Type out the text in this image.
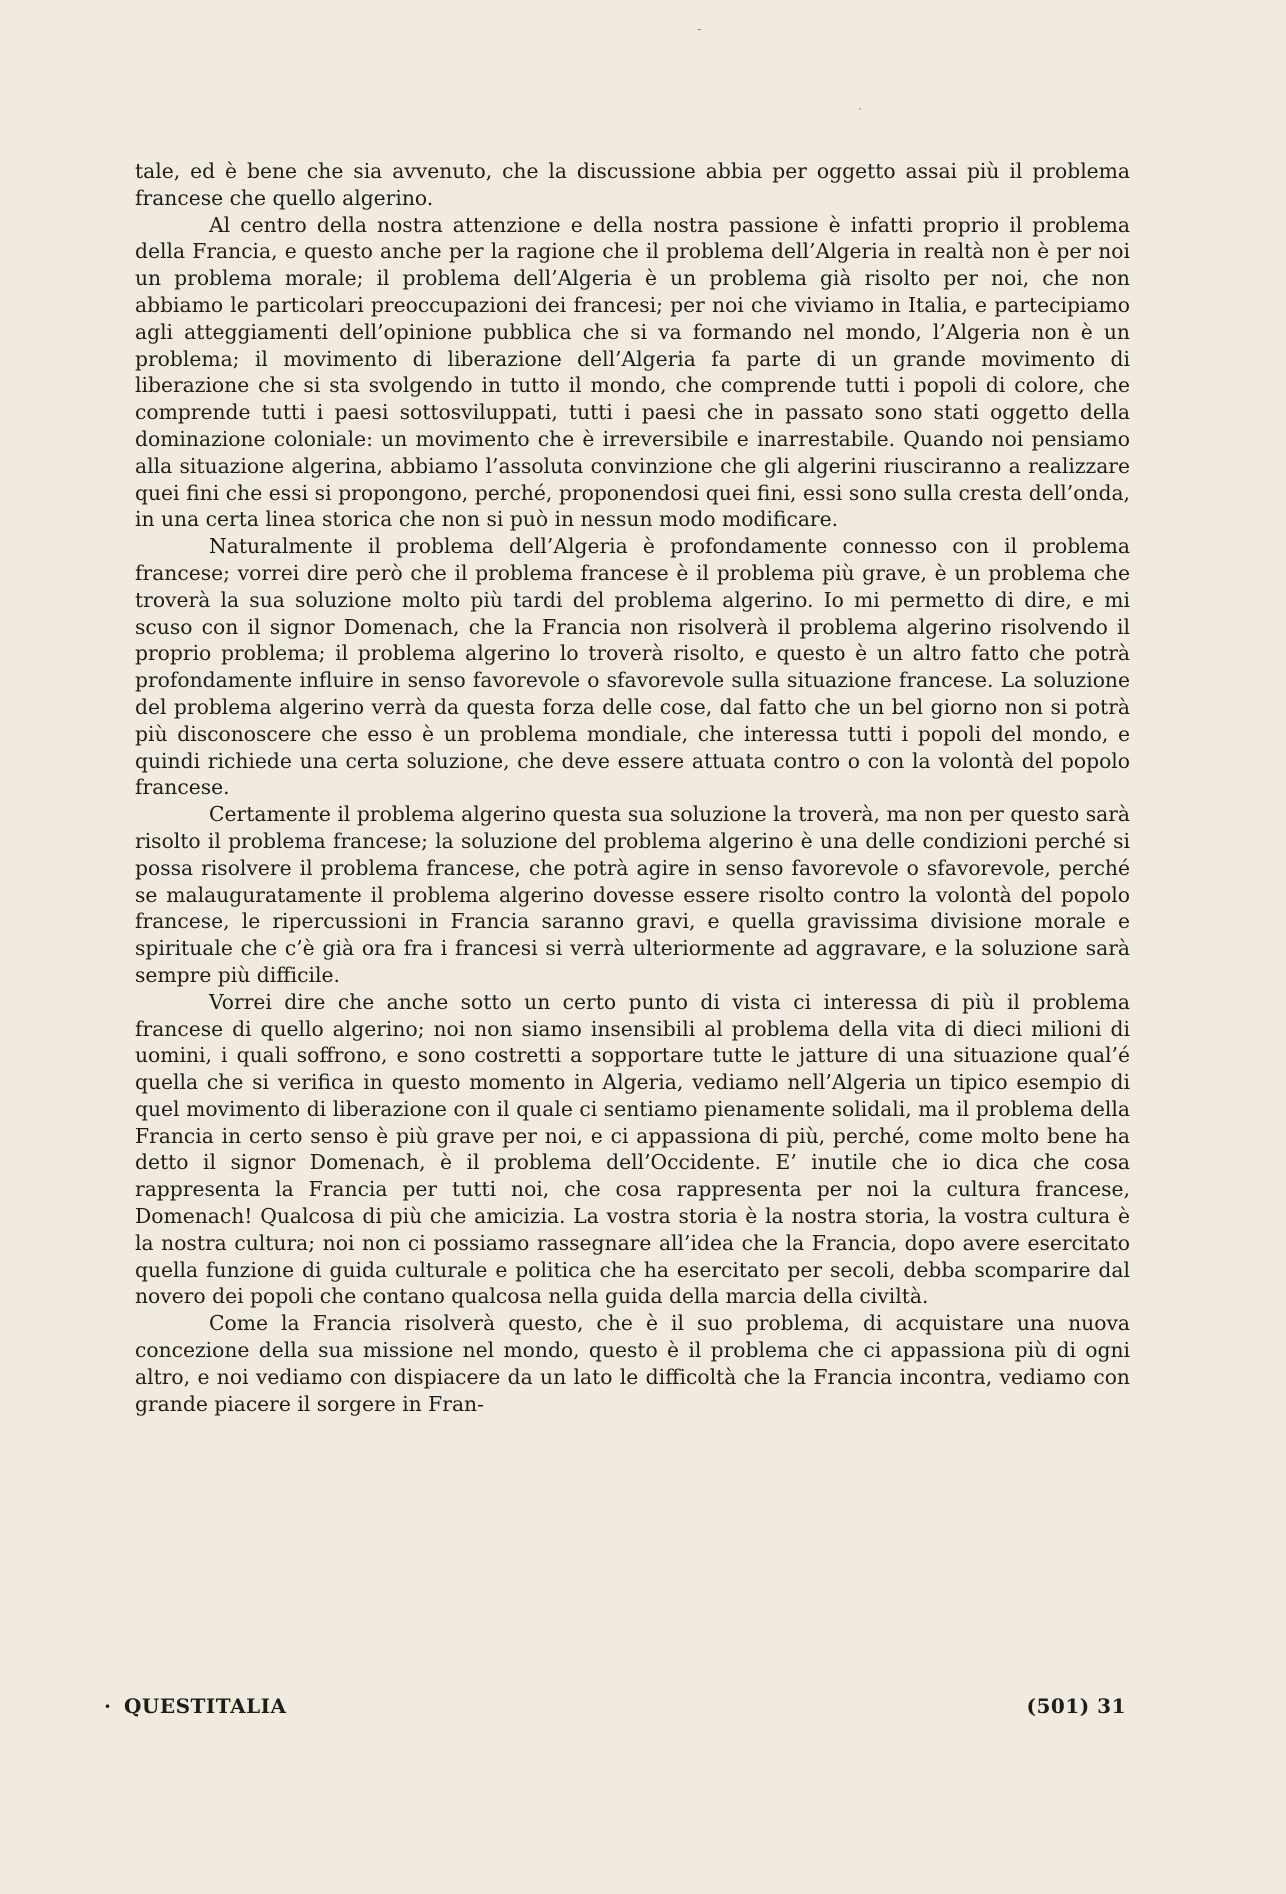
-
·

tale, ed è bene che sia avvenuto, che la discussione abbia per oggetto assai più il problema francese che quello algerino.

Al centro della nostra attenzione e della nostra passione è infatti proprio il problema della Francia, e questo anche per la ragione che il problema dell’Algeria in realtà non è per noi un problema morale; il problema dell’Algeria è un problema già risolto per noi, che non abbiamo le particolari preoccupazioni dei francesi; per noi che viviamo in Italia, e partecipiamo agli atteggiamenti dell’opinione pubblica che si va formando nel mondo, l’Algeria non è un problema; il movimento di liberazione dell’Algeria fa parte di un grande movimento di liberazione che si sta svolgendo in tutto il mondo, che comprende tutti i popoli di colore, che comprende tutti i paesi sottosviluppati, tutti i paesi che in passato sono stati oggetto della dominazione coloniale: un movimento che è irreversibile e inarrestabile. Quando noi pensiamo alla situazione algerina, abbiamo l’assoluta convinzione che gli algerini riusciranno a realizzare quei fini che essi si propongono, perché, proponendosi quei fini, essi sono sulla cresta dell’onda, in una certa linea storica che non si può in nessun modo modificare.

Naturalmente il problema dell’Algeria è profondamente connesso con il problema francese; vorrei dire però che il problema francese è il problema più grave, è un problema che troverà la sua soluzione molto più tardi del problema algerino. Io mi permetto di dire, e mi scuso con il signor Domenach, che la Francia non risolverà il problema algerino risolvendo il proprio problema; il problema algerino lo troverà risolto, e questo è un altro fatto che potrà profondamente influire in senso favorevole o sfavorevole sulla situazione francese. La soluzione del problema algerino verrà da questa forza delle cose, dal fatto che un bel giorno non si potrà più disconoscere che esso è un problema mondiale, che interessa tutti i popoli del mondo, e quindi richiede una certa soluzione, che deve essere attuata contro o con la volontà del popolo francese.

Certamente il problema algerino questa sua soluzione la troverà, ma non per questo sarà risolto il problema francese; la soluzione del problema algerino è una delle condizioni perché si possa risolvere il problema francese, che potrà agire in senso favorevole o sfavorevole, perché se malauguratamente il problema algerino dovesse essere risolto contro la volontà del popolo francese, le ripercussioni in Francia saranno gravi, e quella gravissima divisione morale e spirituale che c’è già ora fra i francesi si verrà ulteriormente ad aggravare, e la soluzione sarà sempre più difficile.

Vorrei dire che anche sotto un certo punto di vista ci interessa di più il problema francese di quello algerino; noi non siamo insensibili al problema della vita di dieci milioni di uomini, i quali soffrono, e sono costretti a sopportare tutte le jatture di una situazione qual’é quella che si verifica in questo momento in Algeria, vediamo nell’Algeria un tipico esempio di quel movimento di liberazione con il quale ci sentiamo pienamente solidali, ma il problema della Francia in certo senso è più grave per noi, e ci appassiona di più, perché, come molto bene ha detto il signor Domenach, è il problema dell’Occidente. E’ inutile che io dica che cosa rappresenta la Francia per tutti noi, che cosa rappresenta per noi la cultura francese, Domenach! Qualcosa di più che amicizia. La vostra storia è la nostra storia, la vostra cultura è la nostra cultura; noi non ci possiamo rassegnare all’idea che la Francia, dopo avere esercitato quella funzione di guida culturale e politica che ha esercitato per secoli, debba scomparire dal novero dei popoli che contano qualcosa nella guida della marcia della civiltà.

Come la Francia risolverà questo, che è il suo problema, di acquistare una nuova concezione della sua missione nel mondo, questo è il problema che ci appassiona più di ogni altro, e noi vediamo con dispiacere da un lato le difficoltà che la Francia incontra, vediamo con grande piacere il sorgere in Fran-

· QUESTITALIA	(501) 31
